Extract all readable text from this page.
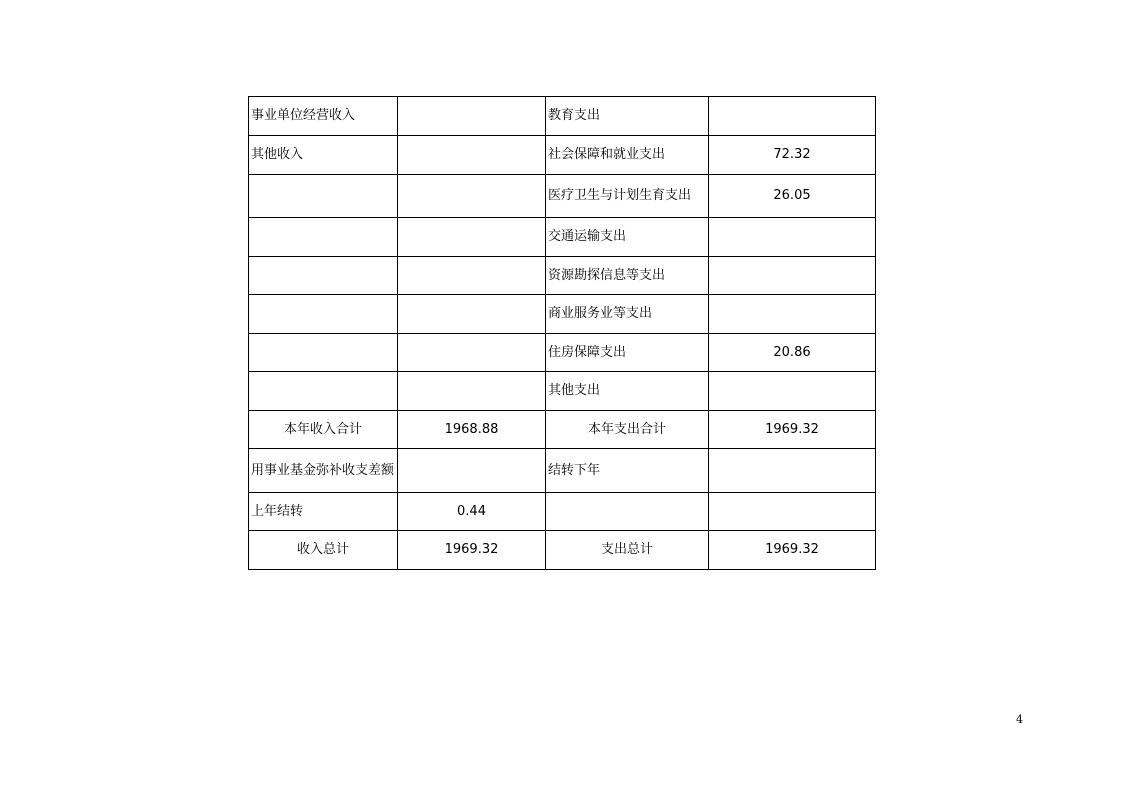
事业单位经营收入		教育支出	
其他收入		社会保障和就业支出	72.32
		医疗卫生与计划生育支出	26.05
		交通运输支出	
		资源勘探信息等支出	
		商业服务业等支出	
		住房保障支出	20.86
		其他支出	
本年收入合计	1968.88	本年支出合计	1969.32
用事业基金弥补收支差额		结转下年	
上年结转	0.44		
收入总计	1969.32	支出总计	1969.32
4
